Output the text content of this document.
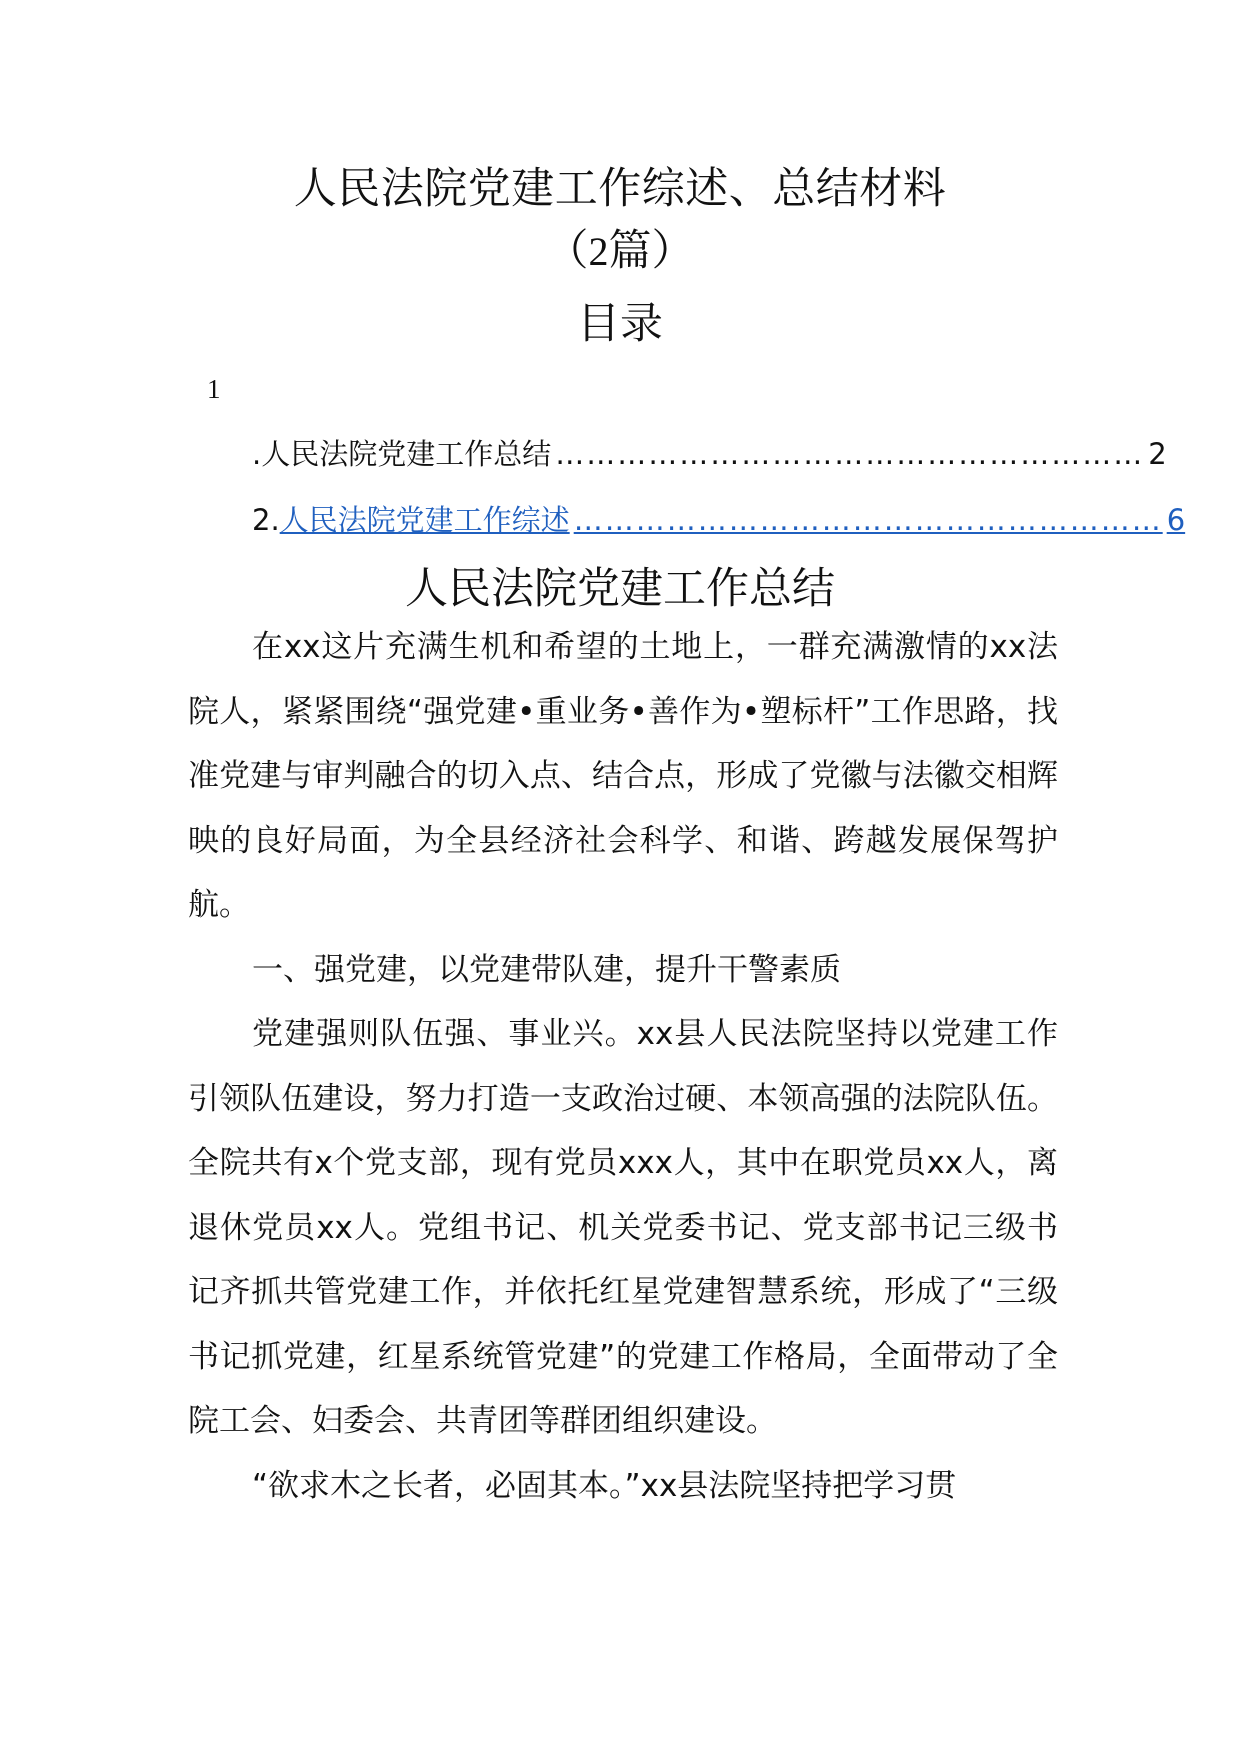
人民法院党建工作综述、总结材料
（2篇）
目录
1
. 人民法院党建工作总结 ………………………………………………… 2
2. 人民法院党建工作综述 ………………………………………………… 6
人民法院党建工作总结

在xx这片充满生机和希望的土地上，一群充满激情的xx法院人，紧紧围绕“强党建•重业务•善作为•塑标杆”工作思路，找准党建与审判融合的切入点、结合点，形成了党徽与法徽交相辉映的良好局面，为全县经济社会科学、和谐、跨越发展保驾护航。

一、强党建，以党建带队建，提升干警素质

党建强则队伍强、事业兴。xx县人民法院坚持以党建工作引领队伍建设，努力打造一支政治过硬、本领高强的法院队伍。全院共有x个党支部，现有党员xxx人，其中在职党员xx人，离退休党员xx人。党组书记、机关党委书记、党支部书记三级书记齐抓共管党建工作，并依托红星党建智慧系统，形成了“三级书记抓党建，红星系统管党建”的党建工作格局，全面带动了全院工会、妇委会、共青团等群团组织建设。

“欲求木之长者，必固其本。”xx县法院坚持把学习贯
